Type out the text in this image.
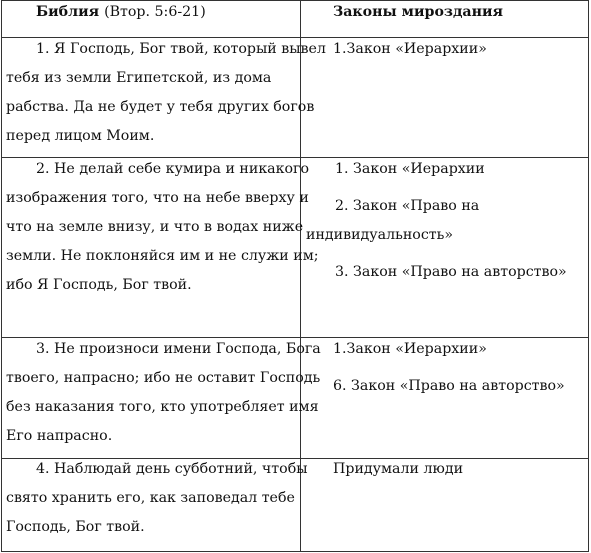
Библия (Втор. 5:6-21)	Законы мироздания
1. Я Господь, Бог твой, который вывел
тебя из земли Египетской, из дома
рабства. Да не будет у тебя других богов
перед лицом Моим.
1.Закон «Иерархии»
2. Не делай себе кумира и никакого
изображения того, что на небе вверху и
что на земле внизу, и что в водах ниже
земли. Не поклоняйся им и не служи им;
ибо Я Господь, Бог твой.
1. Закон «Иерархии
2. Закон «Право на
индивидуальность»
3. Закон «Право на авторство»
3. Не произноси имени Господа, Бога
твоего, напрасно; ибо не оставит Господь
без наказания того, кто употребляет имя
Его напрасно.
1.Закон «Иерархии»
6. Закон «Право на авторство»
4. Наблюдай день субботний, чтобы
свято хранить его, как заповедал тебе
Господь, Бог твой.
Придумали люди
